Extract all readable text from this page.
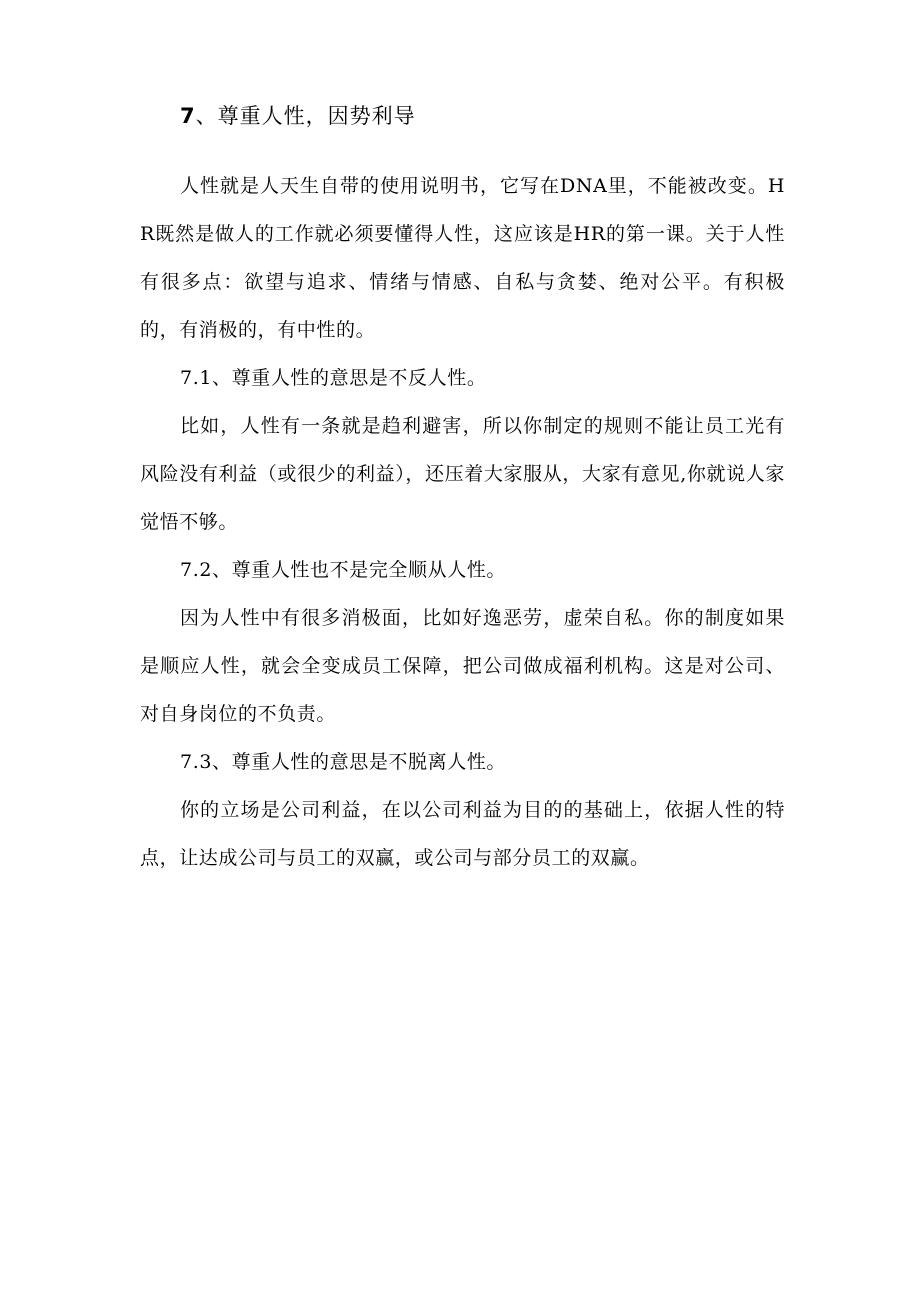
7、尊重人性，因势利导

人性就是人天生自带的使用说明书，它写在DNA里，不能被改变。HR既然是做人的工作就必须要懂得人性，这应该是HR的第一课。关于人性有很多点：欲望与追求、情绪与情感、自私与贪婪、绝对公平。有积极的，有消极的，有中性的。

7.1、尊重人性的意思是不反人性。

比如，人性有一条就是趋利避害，所以你制定的规则不能让员工光有风险没有利益（或很少的利益），还压着大家服从，大家有意见,你就说人家觉悟不够。

7.2、尊重人性也不是完全顺从人性。

因为人性中有很多消极面，比如好逸恶劳，虚荣自私。你的制度如果是顺应人性，就会全变成员工保障，把公司做成福利机构。这是对公司、对自身岗位的不负责。

7.3、尊重人性的意思是不脱离人性。

你的立场是公司利益，在以公司利益为目的的基础上，依据人性的特点，让达成公司与员工的双赢，或公司与部分员工的双赢。
